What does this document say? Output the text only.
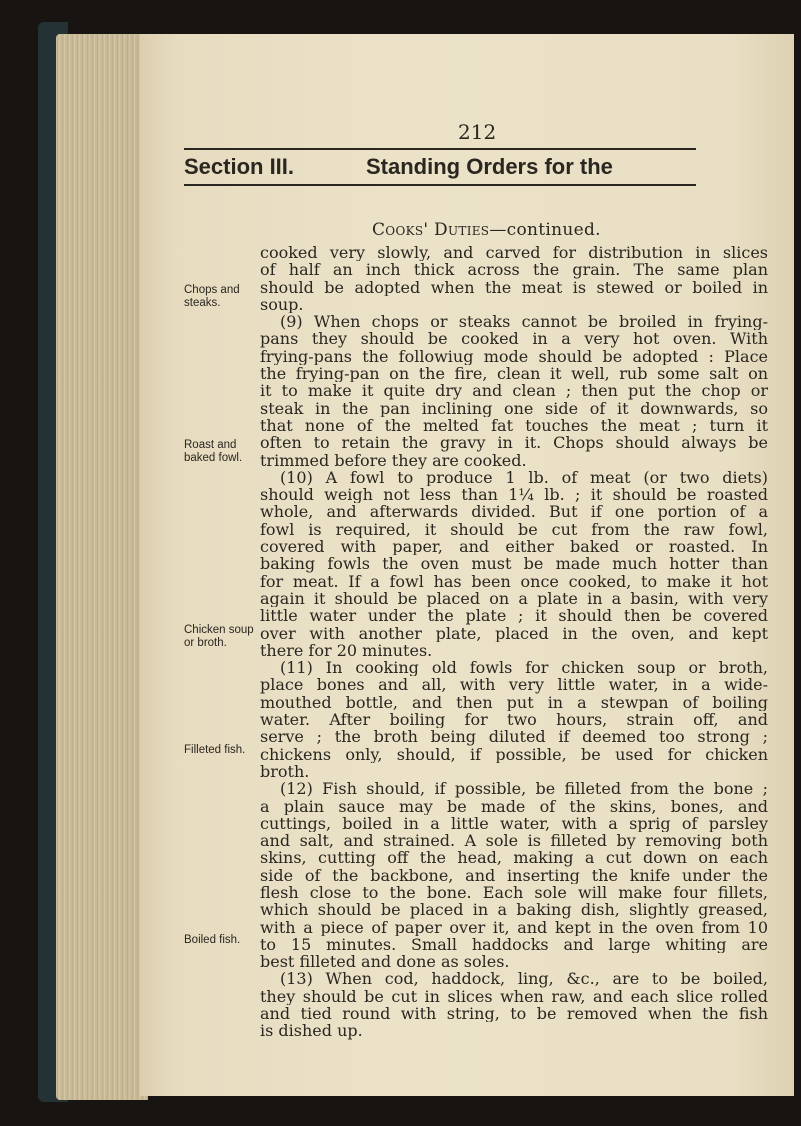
212
Section III.	Standing Orders for the
Cooks' Duties—continued.
Chops and steaks.
Roast and baked fowl.
Chicken soup or broth.
Filleted fish.
Boiled fish.
cooked very slowly, and carved for distribution in slices
of half an inch thick across the grain. The same plan
should be adopted when the meat is stewed or boiled in
soup.
(9) When chops or steaks cannot be broiled in frying-
pans they should be cooked in a very hot oven. With
frying-pans the followiug mode should be adopted : Place
the frying-pan on the fire, clean it well, rub some salt on
it to make it quite dry and clean ; then put the chop or
steak in the pan inclining one side of it downwards, so
that none of the melted fat touches the meat ; turn it
often to retain the gravy in it. Chops should always be
trimmed before they are cooked.
(10) A fowl to produce 1 lb. of meat (or two diets)
should weigh not less than 1¼ lb. ; it should be roasted
whole, and afterwards divided. But if one portion of a
fowl is required, it should be cut from the raw fowl,
covered with paper, and either baked or roasted. In
baking fowls the oven must be made much hotter than
for meat. If a fowl has been once cooked, to make it hot
again it should be placed on a plate in a basin, with very
little water under the plate ; it should then be covered
over with another plate, placed in the oven, and kept
there for 20 minutes.
(11) In cooking old fowls for chicken soup or broth,
place bones and all, with very little water, in a wide-
mouthed bottle, and then put in a stewpan of boiling
water. After boiling for two hours, strain off, and
serve ; the broth being diluted if deemed too strong ;
chickens only, should, if possible, be used for chicken
broth.
(12) Fish should, if possible, be filleted from the bone ;
a plain sauce may be made of the skins, bones, and
cuttings, boiled in a little water, with a sprig of parsley
and salt, and strained. A sole is filleted by removing both
skins, cutting off the head, making a cut down on each
side of the backbone, and inserting the knife under the
flesh close to the bone. Each sole will make four fillets,
which should be placed in a baking dish, slightly greased,
with a piece of paper over it, and kept in the oven from 10
to 15 minutes. Small haddocks and large whiting are
best filleted and done as soles.
(13) When cod, haddock, ling, &c., are to be boiled,
they should be cut in slices when raw, and each slice rolled
and tied round with string, to be removed when the fish
is dished up.
